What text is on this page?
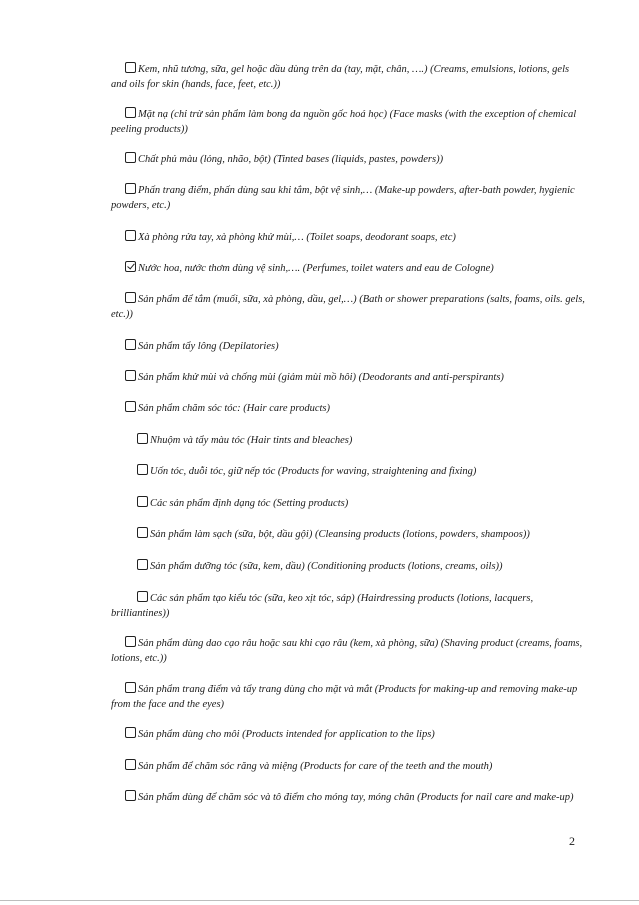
Kem, nhũ tương, sữa, gel hoặc dầu dùng trên da (tay, mặt, chân, ….) (Creams, emulsions, lotions, gels and oils for skin (hands, face, feet, etc.))
Mặt nạ (chỉ trừ sản phẩm làm bong da nguồn gốc hoá học) (Face masks (with the exception of chemical peeling products))
Chất phủ màu (lỏng, nhão, bột) (Tinted bases (liquids, pastes, powders))
Phấn trang điểm, phấn dùng sau khi tắm, bột vệ sinh,… (Make-up powders, after-bath powder, hygienic powders, etc.)
Xà phòng rửa tay, xà phòng khử mùi,… (Toilet soaps, deodorant soaps, etc)
Nước hoa, nước thơm dùng vệ sinh,…. (Perfumes, toilet waters and eau de Cologne)
Sản phẩm để tắm (muối, sữa, xà phòng, dầu, gel,…) (Bath or shower preparations (salts, foams, oils. gels, etc.))
Sản phẩm tẩy lông (Depilatories)
Sản phẩm khử mùi và chống mùi (giảm mùi mồ hôi) (Deodorants and anti-perspirants)
Sản phẩm chăm sóc tóc: (Hair care products)
Nhuộm và tẩy màu tóc (Hair tints and bleaches)
Uốn tóc, duỗi tóc, giữ nếp tóc (Products for waving, straightening and fixing)
Các sản phẩm định dạng tóc (Setting products)
Sản phẩm làm sạch (sữa, bột, dầu gội) (Cleansing products (lotions, powders, shampoos))
Sản phẩm dưỡng tóc (sữa, kem, dầu) (Conditioning products (lotions, creams, oils))
Các sản phẩm tạo kiểu tóc (sữa, keo xịt tóc, sáp) (Hairdressing products (lotions, lacquers, brilliantines))
Sản phẩm dùng dao cạo râu hoặc sau khi cạo râu (kem, xà phòng, sữa) (Shaving product (creams, foams, lotions, etc.))
Sản phẩm trang điểm và tẩy trang dùng cho mặt và mắt (Products for making-up and removing make-up from the face and the eyes)
Sản phẩm dùng cho môi (Products intended for application to the lips)
Sản phẩm để chăm sóc răng và miệng (Products for care of the teeth and the mouth)
Sản phẩm dùng để chăm sóc và tô điểm cho móng tay, móng chân (Products for nail care and make-up)
2
